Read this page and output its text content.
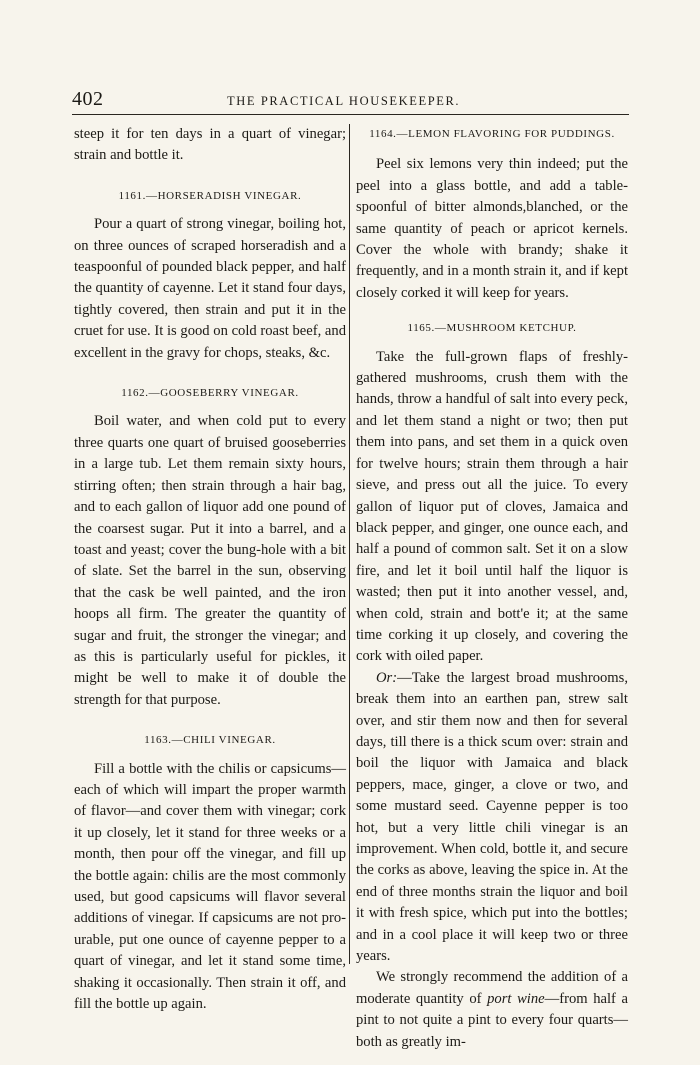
402	THE PRACTICAL HOUSEKEEPER.

steep it for ten days in a quart of vinegar; strain and bottle it.

1161.—HORSERADISH VINEGAR.

Pour a quart of strong vinegar, boiling hot, on three ounces of scraped horseradish and a teaspoonful of pounded black pepper, and half the quantity of cayenne. Let it stand four days, tightly covered, then strain and put it in the cruet for use. It is good on cold roast beef, and excellent in the gravy for chops, steaks, &c.

1162.—GOOSEBERRY VINEGAR.

Boil water, and when cold put to every three quarts one quart of bruised gooseberries in a large tub. Let them remain sixty hours, stirring often; then strain through a hair bag, and to each gallon of liquor add one pound of the coarsest sugar. Put it into a barrel, and a toast and yeast; cover the bung-hole with a bit of slate. Set the barrel in the sun, observing that the cask be well painted, and the iron hoops all firm. The greater the quantity of sugar and fruit, the stronger the vinegar; and as this is particularly useful for pickles, it might be well to make it of double the strength for that purpose.

1163.—CHILI VINEGAR.

Fill a bottle with the chilis or capsicums—each of which will impart the proper warmth of flavor—and cover them with vinegar; cork it up closely, let it stand for three weeks or a month, then pour off the vinegar, and fill up the bottle again: chilis are the most commonly used, but good capsicums will flavor several additions of vinegar. If capsicums are not pro-urable, put one ounce of cayenne pepper to a quart of vinegar, and let it stand some time, shaking it occasionally. Then strain it off, and fill the bottle up again.

1164.—LEMON FLAVORING FOR PUDDINGS.

Peel six lemons very thin indeed; put the peel into a glass bottle, and add a table-spoonful of bitter almonds,blanched, or the same quantity of peach or apricot kernels. Cover the whole with brandy; shake it frequently, and in a month strain it, and if kept closely corked it will keep for years.

1165.—MUSHROOM KETCHUP.

Take the full-grown flaps of freshly-gathered mushrooms, crush them with the hands, throw a handful of salt into every peck, and let them stand a night or two; then put them into pans, and set them in a quick oven for twelve hours; strain them through a hair sieve, and press out all the juice. To every gallon of liquor put of cloves, Jamaica and black pepper, and ginger, one ounce each, and half a pound of common salt. Set it on a slow fire, and let it boil until half the liquor is wasted; then put it into another vessel, and, when cold, strain and bott'e it; at the same time corking it up closely, and covering the cork with oiled paper.

Or:—Take the largest broad mushrooms, break them into an earthen pan, strew salt over, and stir them now and then for several days, till there is a thick scum over: strain and boil the liquor with Jamaica and black peppers, mace, ginger, a clove or two, and some mustard seed. Cayenne pepper is too hot, but a very little chili vinegar is an improvement. When cold, bottle it, and secure the corks as above, leaving the spice in. At the end of three months strain the liquor and boil it with fresh spice, which put into the bottles; and in a cool place it will keep two or three years.

We strongly recommend the addition of a moderate quantity of port wine—from half a pint to not quite a pint to every four quarts—both as greatly im-
